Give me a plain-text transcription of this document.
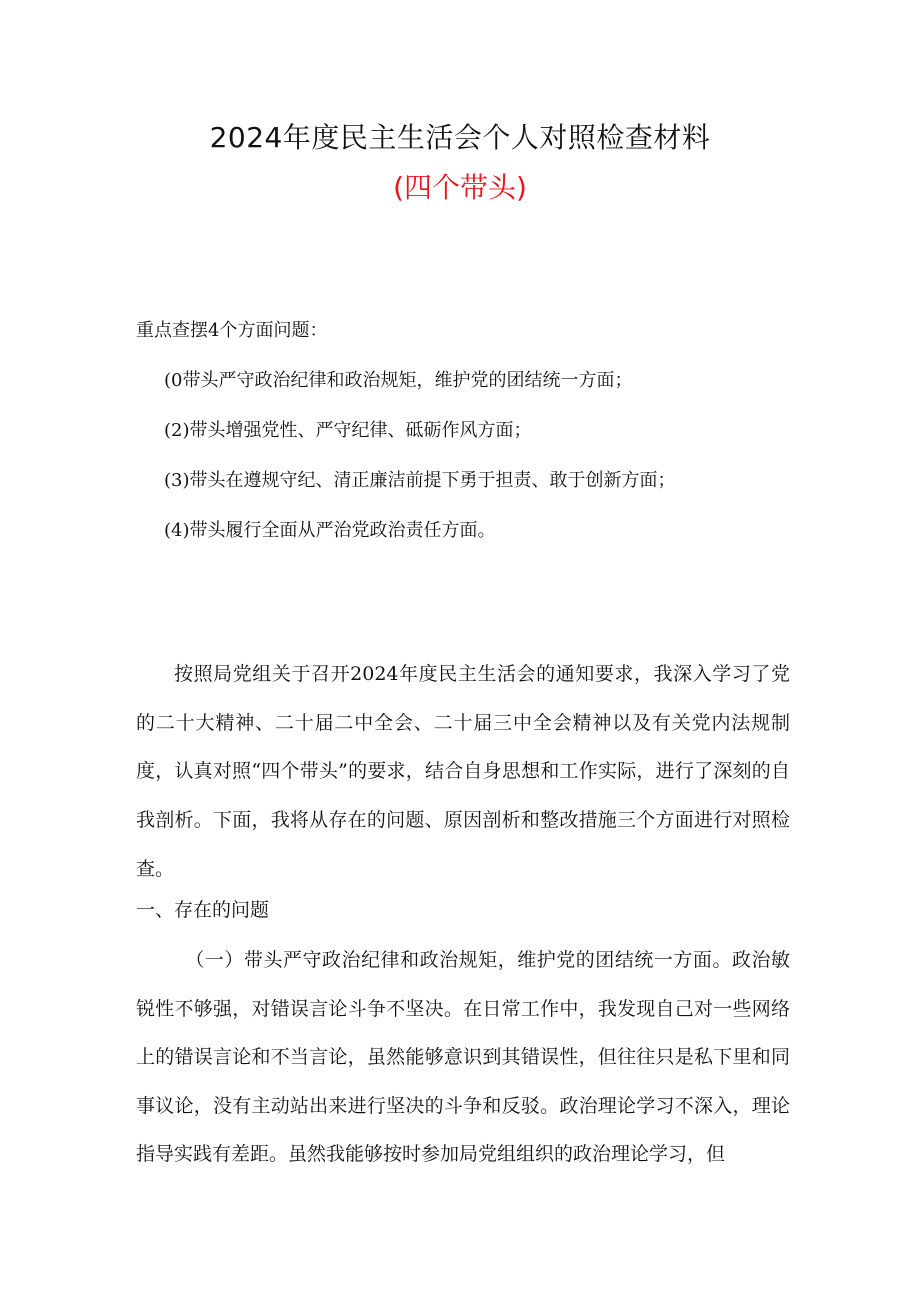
2024年度民主生活会个人对照检查材料
(四个带头)
重点查摆4个方面问题：
(0带头严守政治纪律和政治规矩，维护党的团结统一方面；
(2)带头增强党性、严守纪律、砥砺作风方面；
(3)带头在遵规守纪、清正廉洁前提下勇于担责、敢于创新方面；
(4)带头履行全面从严治党政治责任方面。

按照局党组关于召开2024年度民主生活会的通知要求，我深入学习了党的二十大精神、二十届二中全会、二十届三中全会精神以及有关党内法规制度，认真对照“四个带头”的要求，结合自身思想和工作实际，进行了深刻的自我剖析。下面，我将从存在的问题、原因剖析和整改措施三个方面进行对照检查。

一、存在的问题

（一）带头严守政治纪律和政治规矩，维护党的团结统一方面。政治敏锐性不够强，对错误言论斗争不坚决。在日常工作中，我发现自己对一些网络上的错误言论和不当言论，虽然能够意识到其错误性，但往往只是私下里和同事议论，没有主动站出来进行坚决的斗争和反驳。政治理论学习不深入，理论指导实践有差距。虽然我能够按时参加局党组组织的政治理论学习，但
